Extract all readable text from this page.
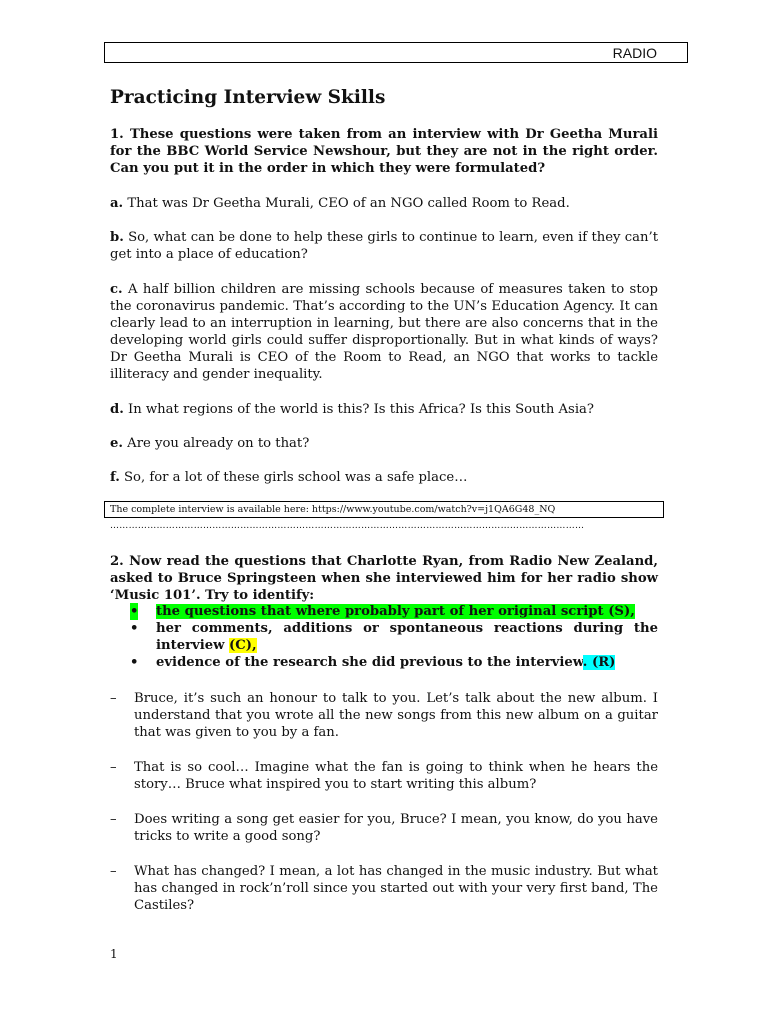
RADIO
Practicing Interview Skills

1. These questions were taken from an interview with Dr Geetha Murali for the BBC World Service Newshour, but they are not in the right order. Can you put it in the order in which they were formulated?

a. That was Dr Geetha Murali, CEO of an NGO called Room to Read.

b. So, what can be done to help these girls to continue to learn, even if they can’t get into a place of education?

c. A half billion children are missing schools because of measures taken to stop the coronavirus pandemic. That’s according to the UN’s Education Agency. It can clearly lead to an interruption in learning, but there are also concerns that in the developing world girls could suffer disproportionally. But in what kinds of ways? Dr Geetha Murali is CEO of the Room to Read, an NGO that works to tackle illiteracy and gender inequality.

d. In what regions of the world is this? Is this Africa? Is this South Asia?

e. Are you already on to that?

f. So, for a lot of these girls school was a safe place…

The complete interview is available here: https://www.youtube.com/watch?v=j1QA6G48_NQ
………………………………………………………………………………………………………………………………………

2. Now read the questions that Charlotte Ryan, from Radio New Zealand, asked to Bruce Springsteen when she interviewed him for her radio show ‘Music 101’. Try to identify:

• the questions that where probably part of her original script (S),
• her comments, additions or spontaneous reactions during the interview (C),
• evidence of the research she did previous to the interview. (R)
– Bruce, it’s such an honour to talk to you. Let’s talk about the new album. I understand that you wrote all the new songs from this new album on a guitar that was given to you by a fan.
– That is so cool… Imagine what the fan is going to think when he hears the story… Bruce what inspired you to start writing this album?
– Does writing a song get easier for you, Bruce? I mean, you know, do you have tricks to write a good song?
– What has changed? I mean, a lot has changed in the music industry. But what has changed in rock’n’roll since you started out with your very first band, The Castiles?
1
